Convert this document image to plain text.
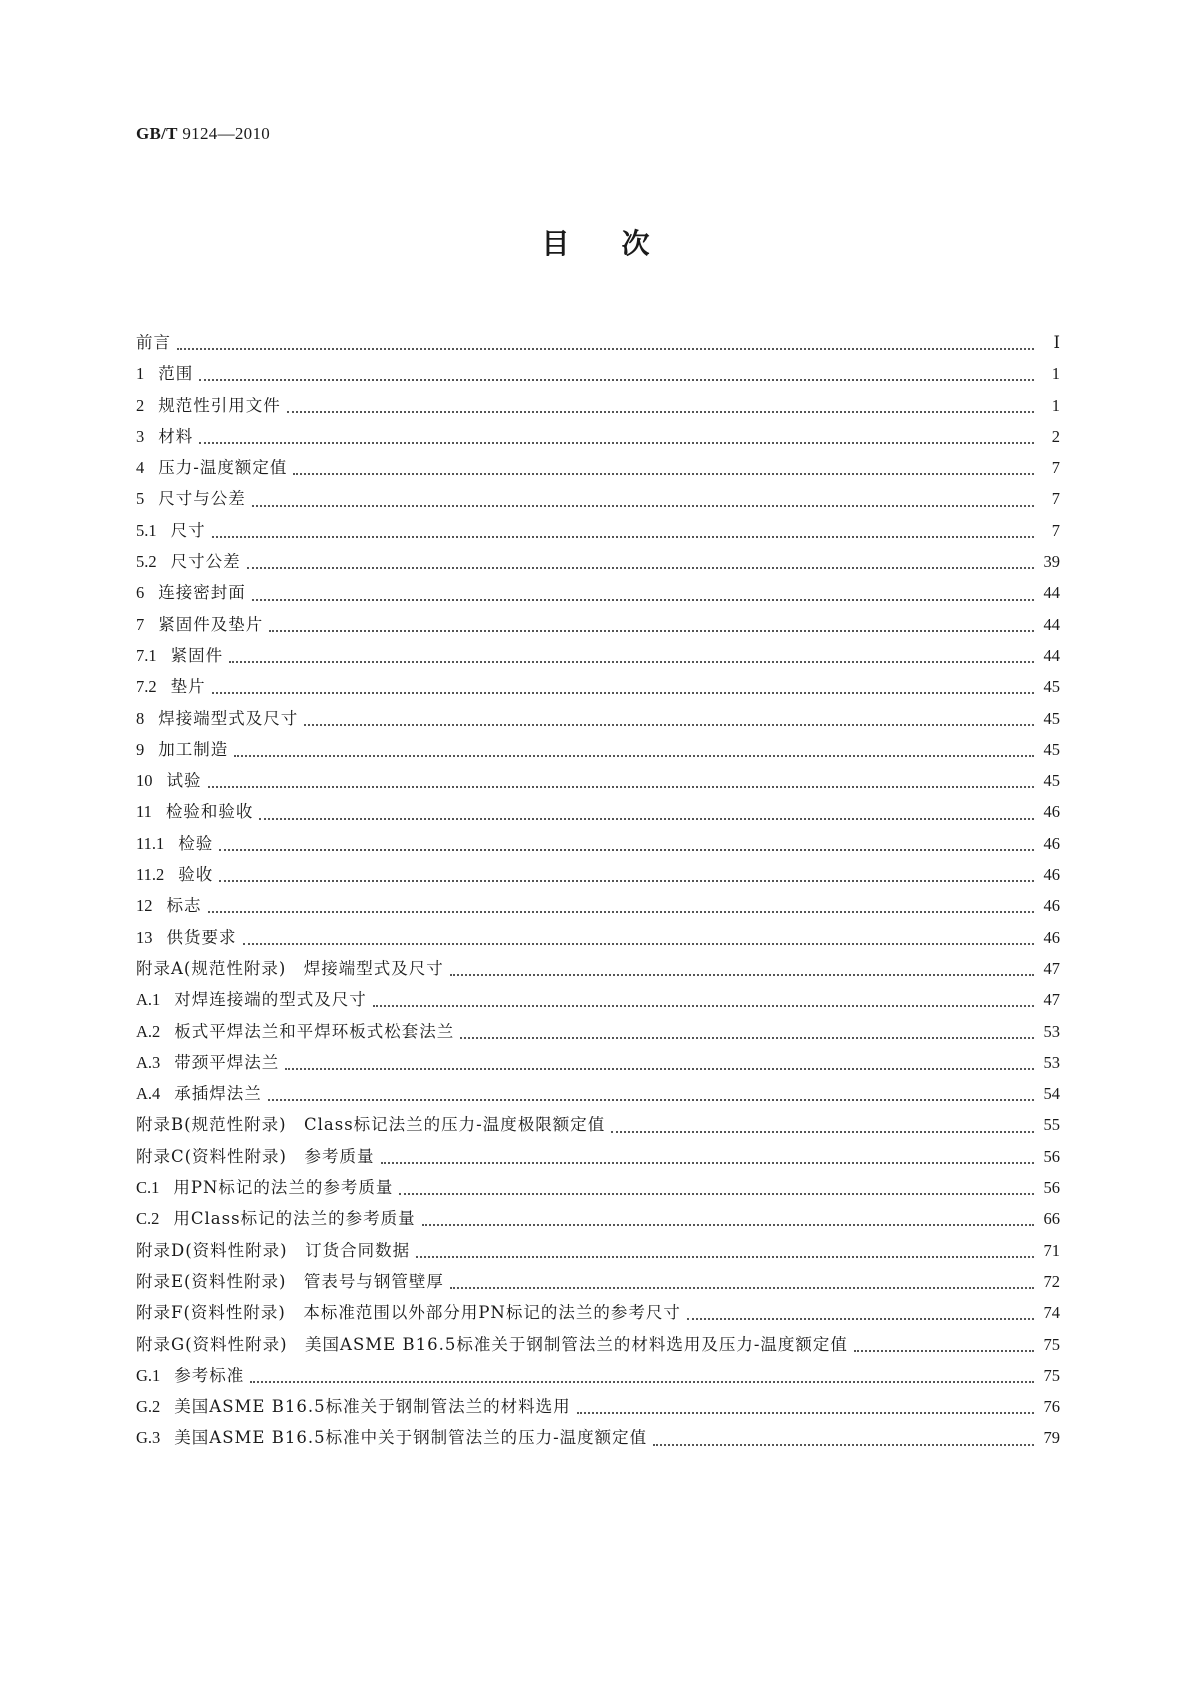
GB/T 9124—2010
目次
前言	Ⅰ
1 范围	1
2 规范性引用文件	1
3 材料	2
4 压力-温度额定值	7
5 尺寸与公差	7
5.1 尺寸	7
5.2 尺寸公差	39
6 连接密封面	44
7 紧固件及垫片	44
7.1 紧固件	44
7.2 垫片	45
8 焊接端型式及尺寸	45
9 加工制造	45
10 试验	45
11 检验和验收	46
11.1 检验	46
11.2 验收	46
12 标志	46
13 供货要求	46
附录A(规范性附录)　焊接端型式及尺寸	47
A.1 对焊连接端的型式及尺寸	47
A.2 板式平焊法兰和平焊环板式松套法兰	53
A.3 带颈平焊法兰	53
A.4 承插焊法兰	54
附录B(规范性附录)　Class标记法兰的压力-温度极限额定值	55
附录C(资料性附录)　参考质量	56
C.1 用PN标记的法兰的参考质量	56
C.2 用Class标记的法兰的参考质量	66
附录D(资料性附录)　订货合同数据	71
附录E(资料性附录)　管表号与钢管壁厚	72
附录F(资料性附录)　本标准范围以外部分用PN标记的法兰的参考尺寸	74
附录G(资料性附录)　美国ASME B16.5标准关于钢制管法兰的材料选用及压力-温度额定值	75
G.1 参考标准	75
G.2 美国ASME B16.5标准关于钢制管法兰的材料选用	76
G.3 美国ASME B16.5标准中关于钢制管法兰的压力-温度额定值	79
